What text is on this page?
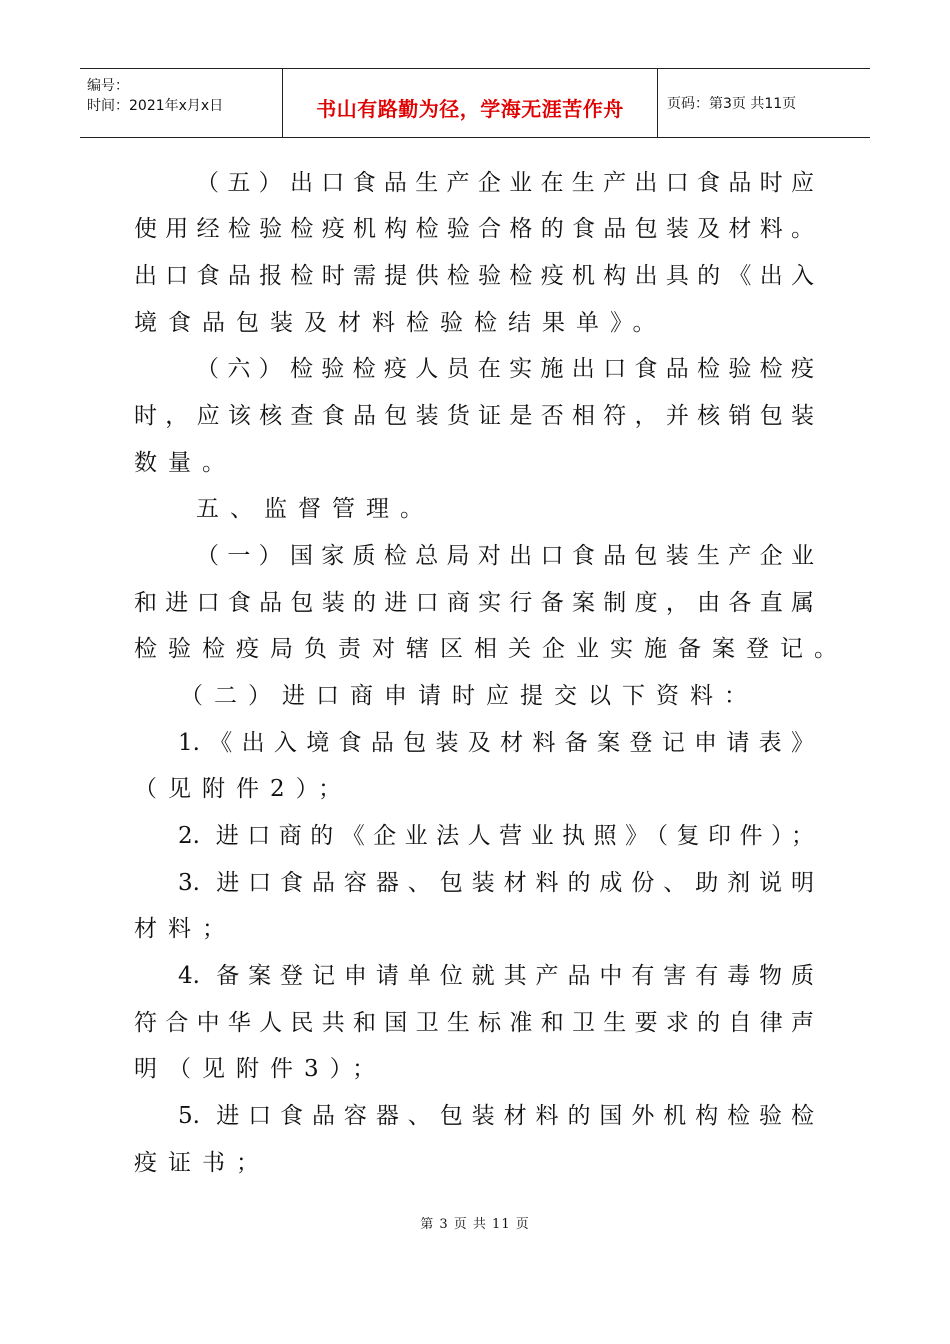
编号：
时间：2021年x月x日	书山有路勤为径，学海无涯苦作舟	页码：第3页 共11页
（五）出口食品生产企业在生产出口食品时应
使用经检验检疫机构检验合格的食品包装及材料。
出口食品报检时需提供检验检疫机构出具的《出入
境食品包装及材料检验检结果单》。
（六）检验检疫人员在实施出口食品检验检疫
时，应该核查食品包装货证是否相符，并核销包装
数量。
五、监督管理。
（一）国家质检总局对出口食品包装生产企业
和进口食品包装的进口商实行备案制度，由各直属
检验检疫局负责对辖区相关企业实施备案登记。
（二）进口商申请时应提交以下资料：
1.《出入境食品包装及材料备案登记申请表》
（见附件2）；
2. 进口商的《企业法人营业执照》（复印件）；
3. 进口食品容器、包装材料的成份、助剂说明
材料；
4. 备案登记申请单位就其产品中有害有毒物质
符合中华人民共和国卫生标准和卫生要求的自律声
明（见附件3）；
5. 进口食品容器、包装材料的国外机构检验检
疫证书；
第 3 页 共 11 页
